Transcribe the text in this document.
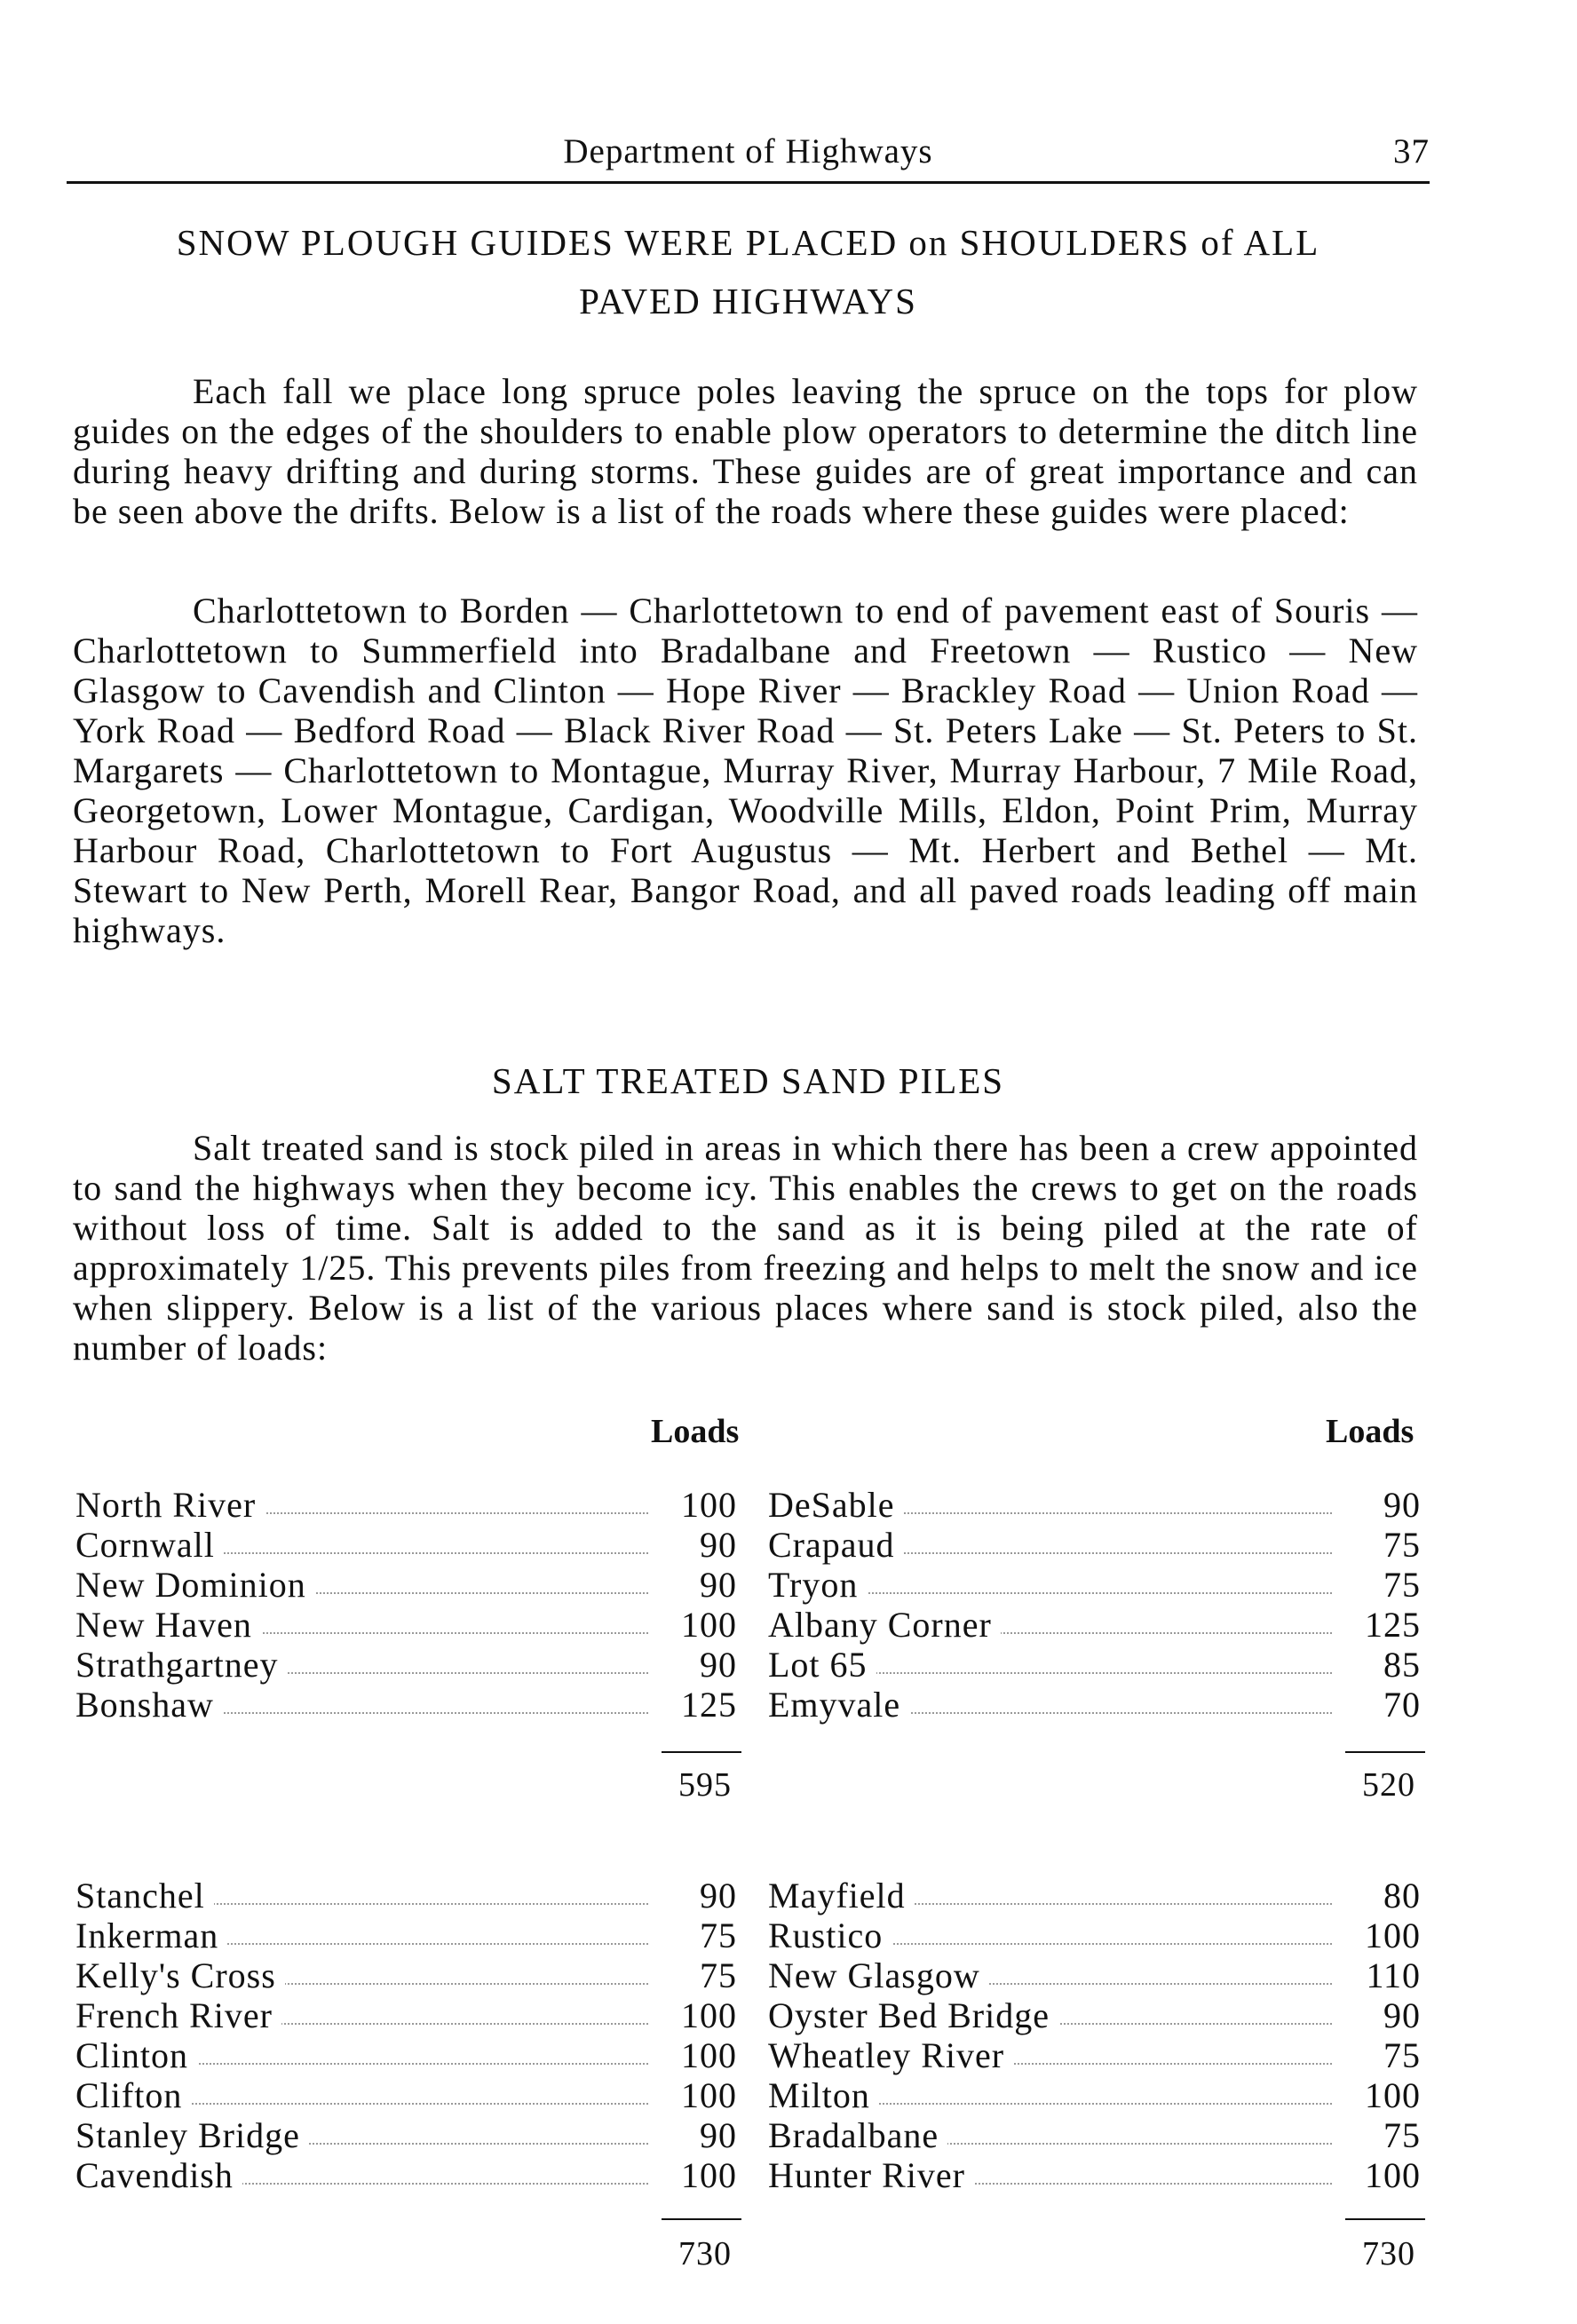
Department of Highways	37
SNOW PLOUGH GUIDES WERE PLACED on SHOULDERS of ALL
PAVED HIGHWAYS

Each fall we place long spruce poles leaving the spruce on the tops for plow guides on the edges of the shoulders to enable plow operators to determine the ditch line during heavy drifting and during storms. These guides are of great importance and can be seen above the drifts. Below is a list of the roads where these guides were placed:

Charlottetown to Borden — Charlottetown to end of pavement east of Souris — Charlottetown to Summerfield into Bradalbane and Freetown — Rustico — New Glasgow to Cavendish and Clinton — Hope River — Brackley Road — Union Road — York Road — Bedford Road — Black River Road — St. Peters Lake — St. Peters to St. Margarets — Charlottetown to Montague, Murray River, Murray Harbour, 7 Mile Road, Georgetown, Lower Montague, Cardigan, Woodville Mills, Eldon, Point Prim, Murray Harbour Road, Charlottetown to Fort Augustus — Mt. Herbert and Bethel — Mt. Stewart to New Perth, Morell Rear, Bangor Road, and all paved roads leading off main highways.

SALT TREATED SAND PILES

Salt treated sand is stock piled in areas in which there has been a crew appointed to sand the highways when they become icy. This enables the crews to get on the roads without loss of time. Salt is added to the sand as it is being piled at the rate of approximately 1/25. This prevents piles from freezing and helps to melt the snow and ice when slippery. Below is a list of the various places where sand is stock piled, also the number of loads:

Loads	Loads
North River	100
Cornwall	90
New Dominion	90
New Haven	100
Strathgartney	90
Bonshaw	125
595
DeSable	90
Crapaud	75
Tryon	75
Albany Corner	125
Lot 65	85
Emyvale	70
520
Stanchel	90
Inkerman	75
Kelly's Cross	75
French River	100
Clinton	100
Clifton	100
Stanley Bridge	90
Cavendish	100
730
Mayfield	80
Rustico	100
New Glasgow	110
Oyster Bed Bridge	90
Wheatley River	75
Milton	100
Bradalbane	75
Hunter River	100
730
